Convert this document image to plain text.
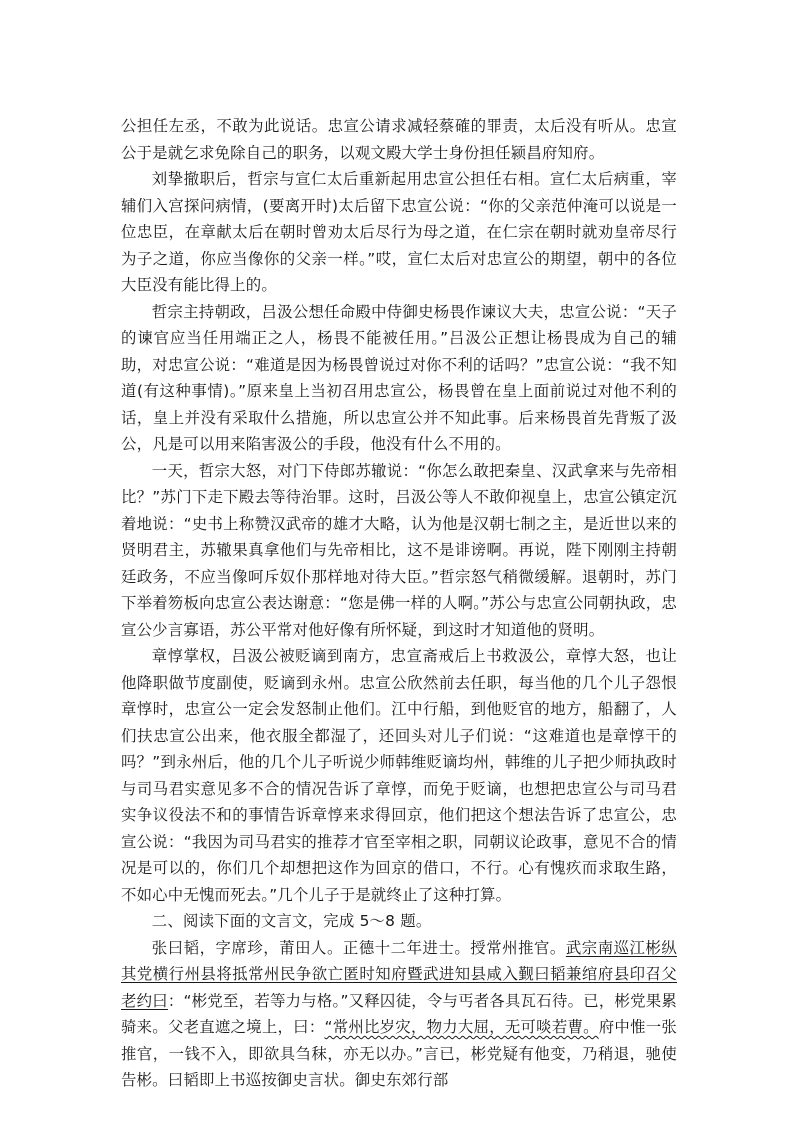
公担任左丞，不敢为此说话。忠宣公请求减轻蔡確的罪责，太后没有听从。忠宣公于是就乞求免除自己的职务，以观文殿大学士身份担任颍昌府知府。

刘挚撤职后，哲宗与宣仁太后重新起用忠宣公担任右相。宣仁太后病重，宰辅们入宫探问病情，(要离开时)太后留下忠宣公说：“你的父亲范仲淹可以说是一位忠臣，在章献太后在朝时曾劝太后尽行为母之道，在仁宗在朝时就劝皇帝尽行为子之道，你应当像你的父亲一样。”哎，宣仁太后对忠宣公的期望，朝中的各位大臣没有能比得上的。

哲宗主持朝政，吕汲公想任命殿中侍御史杨畏作谏议大夫，忠宣公说：“天子的谏官应当任用端正之人，杨畏不能被任用。”吕汲公正想让杨畏成为自己的辅助，对忠宣公说：“难道是因为杨畏曾说过对你不利的话吗？”忠宣公说：“我不知道(有这种事情)。”原来皇上当初召用忠宣公，杨畏曾在皇上面前说过对他不利的话，皇上并没有采取什么措施，所以忠宣公并不知此事。后来杨畏首先背叛了汲公，凡是可以用来陷害汲公的手段，他没有什么不用的。

一天，哲宗大怒，对门下侍郎苏辙说：“你怎么敢把秦皇、汉武拿来与先帝相比？”苏门下走下殿去等待治罪。这时，吕汲公等人不敢仰视皇上，忠宣公镇定沉着地说：“史书上称赞汉武帝的雄才大略，认为他是汉朝七制之主，是近世以来的贤明君主，苏辙果真拿他们与先帝相比，这不是诽谤啊。再说，陛下刚刚主持朝廷政务，不应当像呵斥奴仆那样地对待大臣。”哲宗怒气稍微缓解。退朝时，苏门下举着笏板向忠宣公表达谢意：“您是佛一样的人啊。”苏公与忠宣公同朝执政，忠宣公少言寡语，苏公平常对他好像有所怀疑，到这时才知道他的贤明。

章惇掌权，吕汲公被贬谪到南方，忠宣斋戒后上书救汲公，章惇大怒，也让他降职做节度副使，贬谪到永州。忠宣公欣然前去任职，每当他的几个儿子怨恨章惇时，忠宣公一定会发怒制止他们。江中行船，到他贬官的地方，船翻了，人们扶忠宣公出来，他衣服全都湿了，还回头对儿子们说：“这难道也是章惇干的吗？”到永州后，他的几个儿子听说少师韩维贬谪均州，韩维的儿子把少师执政时与司马君实意见多不合的情况告诉了章惇，而免于贬谪，也想把忠宣公与司马君实争议役法不和的事情告诉章惇来求得回京，他们把这个想法告诉了忠宣公，忠宣公说：“我因为司马君实的推荐才官至宰相之职，同朝议论政事，意见不合的情况是可以的，你们几个却想把这作为回京的借口，不行。心有愧疚而求取生路，不如心中无愧而死去。”几个儿子于是就终止了这种打算。

二、阅读下面的文言文，完成 5～8 题。

张曰韬，字席珍，莆田人。正德十二年进士。授常州推官。武宗南巡江彬纵其党横行州县将抵常州民争欲亡匿时知府暨武进知县咸入觐曰韬兼绾府县印召父老约曰：“彬党至，若等力与格。”又释囚徒，令与丐者各具瓦石待。已，彬党果累骑来。父老直遮之境上，曰：“常州比岁灾，物力大屈，无可啖若曹。府中惟一张推官，一钱不入，即欲具刍秣，亦无以办。”言已，彬党疑有他变，乃稍退，驰使告彬。曰韬即上书巡按御史言状。御史东郊行部
